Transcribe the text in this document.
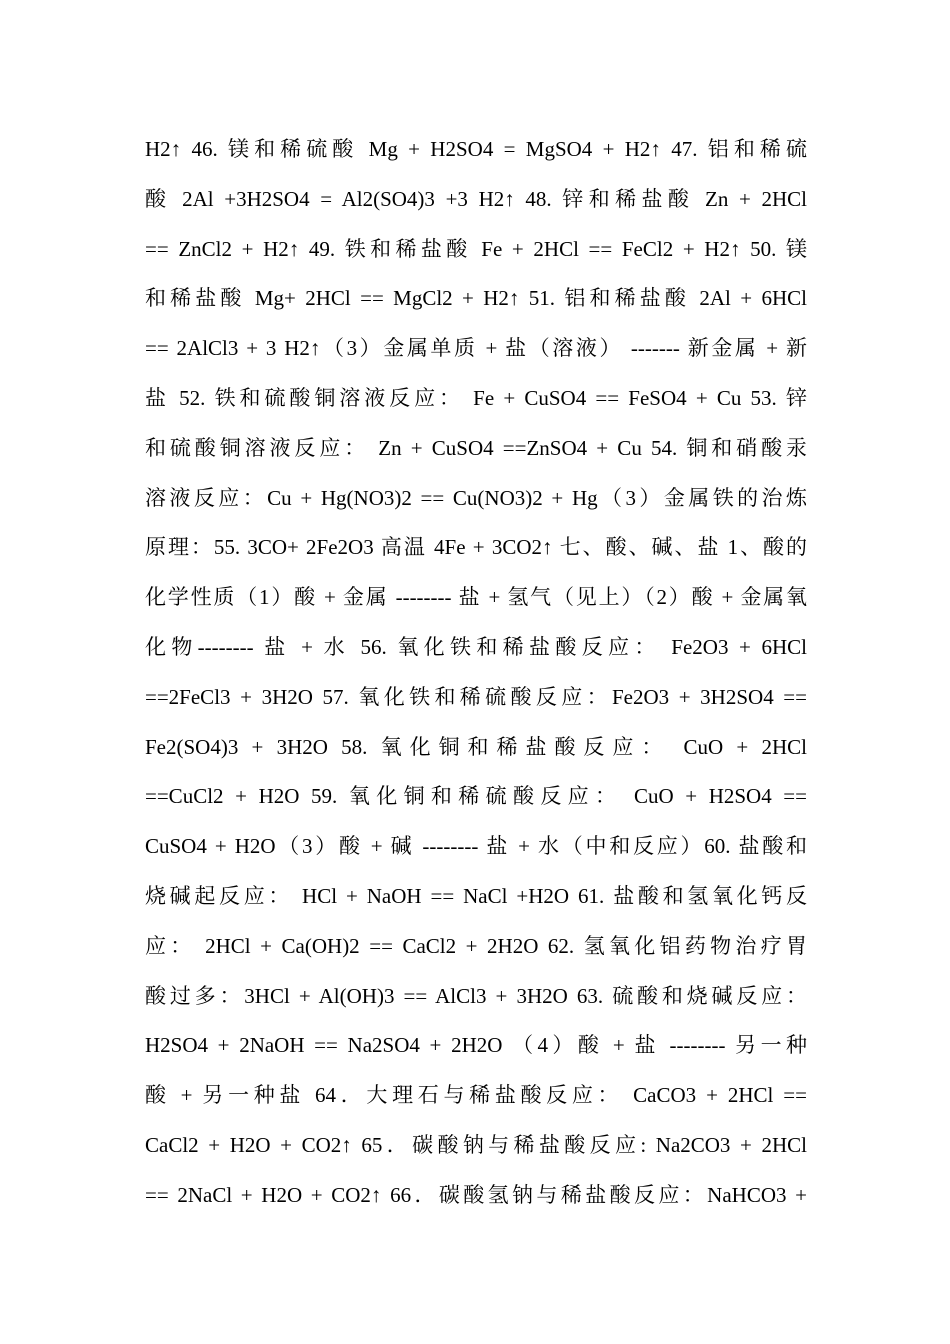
H2↑ 46. 镁和稀硫酸 Mg + H2SO4 = MgSO4 + H2↑ 47. 铝和稀硫
酸 2Al +3H2SO4 = Al2(SO4)3 +3 H2↑ 48. 锌和稀盐酸 Zn + 2HCl
== ZnCl2 + H2↑ 49. 铁和稀盐酸 Fe + 2HCl == FeCl2 + H2↑ 50. 镁
和稀盐酸 Mg+ 2HCl == MgCl2 + H2↑ 51. 铝和稀盐酸 2Al + 6HCl
== 2AlCl3 + 3 H2↑（3）金属单质 + 盐（溶液） ------- 新金属 + 新
盐 52. 铁和硫酸铜溶液反应： Fe + CuSO4 == FeSO4 + Cu 53. 锌
和硫酸铜溶液反应： Zn + CuSO4 ==ZnSO4 + Cu 54. 铜和硝酸汞
溶液反应：Cu + Hg(NO3)2 == Cu(NO3)2 + Hg（3）金属铁的治炼
原理：55. 3CO+ 2Fe2O3 高温 4Fe + 3CO2↑ 七、酸、碱、盐 1、酸的
化学性质（1）酸 + 金属 -------- 盐 + 氢气（见上）（2）酸 + 金属氧
化物-------- 盐 + 水 56. 氧化铁和稀盐酸反应： Fe2O3 + 6HCl
==2FeCl3 + 3H2O 57. 氧化铁和稀硫酸反应：Fe2O3 + 3H2SO4 ==
Fe2(SO4)3 + 3H2O 58. 氧化铜和稀盐酸反应： CuO + 2HCl
==CuCl2 + H2O 59. 氧化铜和稀硫酸反应： CuO + H2SO4 ==
CuSO4 + H2O（3）酸 + 碱 -------- 盐 + 水（中和反应）60. 盐酸和
烧碱起反应： HCl + NaOH == NaCl +H2O 61. 盐酸和氢氧化钙反
应： 2HCl + Ca(OH)2 == CaCl2 + 2H2O 62. 氢氧化铝药物治疗胃
酸过多：3HCl + Al(OH)3 == AlCl3 + 3H2O 63. 硫酸和烧碱反应：
H2SO4 + 2NaOH == Na2SO4 + 2H2O （4）酸 + 盐 -------- 另一种
酸 + 另一种盐 64．大理石与稀盐酸反应： CaCO3 + 2HCl ==
CaCl2 + H2O + CO2↑ 65．碳酸钠与稀盐酸反应: Na2CO3 + 2HCl
== 2NaCl + H2O + CO2↑ 66．碳酸氢钠与稀盐酸反应：NaHCO3 +
